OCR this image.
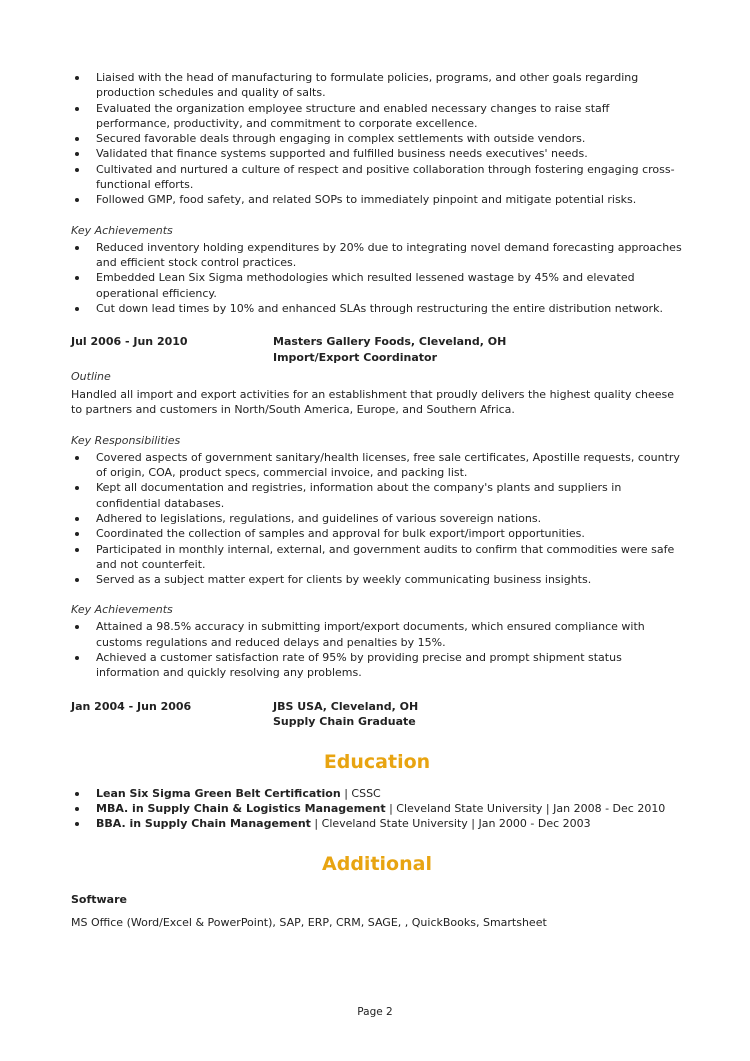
Liaised with the head of manufacturing to formulate policies, programs, and other goals regarding production schedules and quality of salts.
Evaluated the organization employee structure and enabled necessary changes to raise staff performance, productivity, and commitment to corporate excellence.
Secured favorable deals through engaging in complex settlements with outside vendors.
Validated that finance systems supported and fulfilled business needs executives' needs.
Cultivated and nurtured a culture of respect and positive collaboration through fostering engaging cross-functional efforts.
Followed GMP, food safety, and related SOPs to immediately pinpoint and mitigate potential risks.
Key Achievements
Reduced inventory holding expenditures by 20% due to integrating novel demand forecasting approaches and efficient stock control practices.
Embedded Lean Six Sigma methodologies which resulted lessened wastage by 45% and elevated operational efficiency.
Cut down lead times by 10% and enhanced SLAs through restructuring the entire distribution network.
Jul 2006 - Jun 2010	Masters Gallery Foods, Cleveland, OH
Import/Export Coordinator
Outline

Handled all import and export activities for an establishment that proudly delivers the highest quality cheese to partners and customers in North/South America, Europe, and Southern Africa.

Key Responsibilities
Covered aspects of government sanitary/health licenses, free sale certificates, Apostille requests, country of origin, COA, product specs, commercial invoice, and packing list.
Kept all documentation and registries, information about the company's plants and suppliers in confidential databases.
Adhered to legislations, regulations, and guidelines of various sovereign nations.
Coordinated the collection of samples and approval for bulk export/import opportunities.
Participated in monthly internal, external, and government audits to confirm that commodities were safe and not counterfeit.
Served as a subject matter expert for clients by weekly communicating business insights.
Key Achievements
Attained a 98.5% accuracy in submitting import/export documents, which ensured compliance with customs regulations and reduced delays and penalties by 15%.
Achieved a customer satisfaction rate of 95% by providing precise and prompt shipment status information and quickly resolving any problems.
Jan 2004 - Jun 2006	JBS USA, Cleveland, OH
Supply Chain Graduate
Education
Lean Six Sigma Green Belt Certification | CSSC
MBA. in Supply Chain & Logistics Management | Cleveland State University | Jan 2008 - Dec 2010
BBA. in Supply Chain Management | Cleveland State University | Jan 2000 - Dec 2003
Additional
Software

MS Office (Word/Excel & PowerPoint), SAP, ERP, CRM, SAGE, , QuickBooks, Smartsheet

Page 2
